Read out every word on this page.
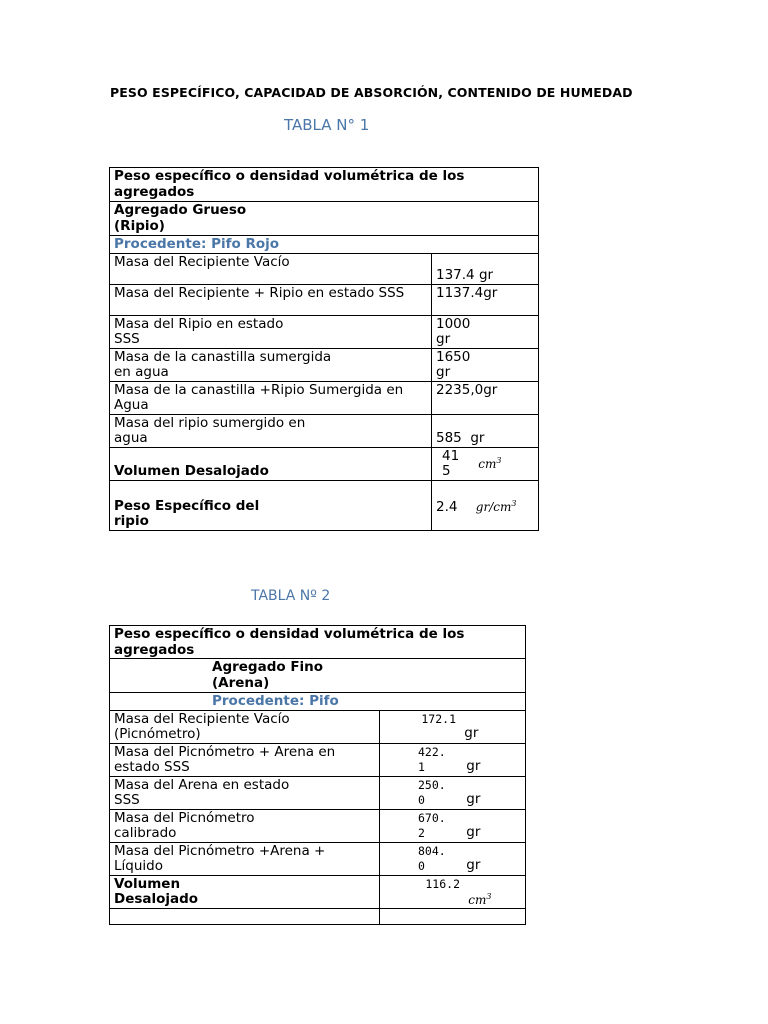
PESO ESPECÍFICO, CAPACIDAD DE ABSORCIÓN, CONTENIDO DE HUMEDAD
TABLA N° 1
Peso específico o densidad volumétrica de los agregados	
Agregado Grueso
(Ripio)	
Procedente: Pifo Rojo	
Masa del Recipiente Vacío	137.4 gr
Masa del Recipiente + Ripio en estado SSS	1137.4gr
Masa del Ripio en estado SSS	1000 gr
Masa de la canastilla sumergida en agua	1650 gr
Masa de la canastilla +Ripio Sumergida en Agua	2235,0gr
Masa del ripio sumergido en agua	585  gr
Volumen Desalojado	415 $cm^3$
Peso Específico del ripio	2.4 $gr/cm^3$
TABLA Nº 2
Peso específico o densidad volumétrica de los agregados	
Agregado Fino
(Arena)	
Procedente: Pifo	
Masa del Recipiente Vacío (Picnómetro)	172.1 gr
Masa del Picnómetro + Arena en estado SSS	422.1 gr
Masa del Arena en estado SSS	250.0 gr
Masa del Picnómetro calibrado	670.2 gr
Masa del Picnómetro +Arena + Líquido	804.0 gr
Volumen Desalojado	116.2 $cm^3$
